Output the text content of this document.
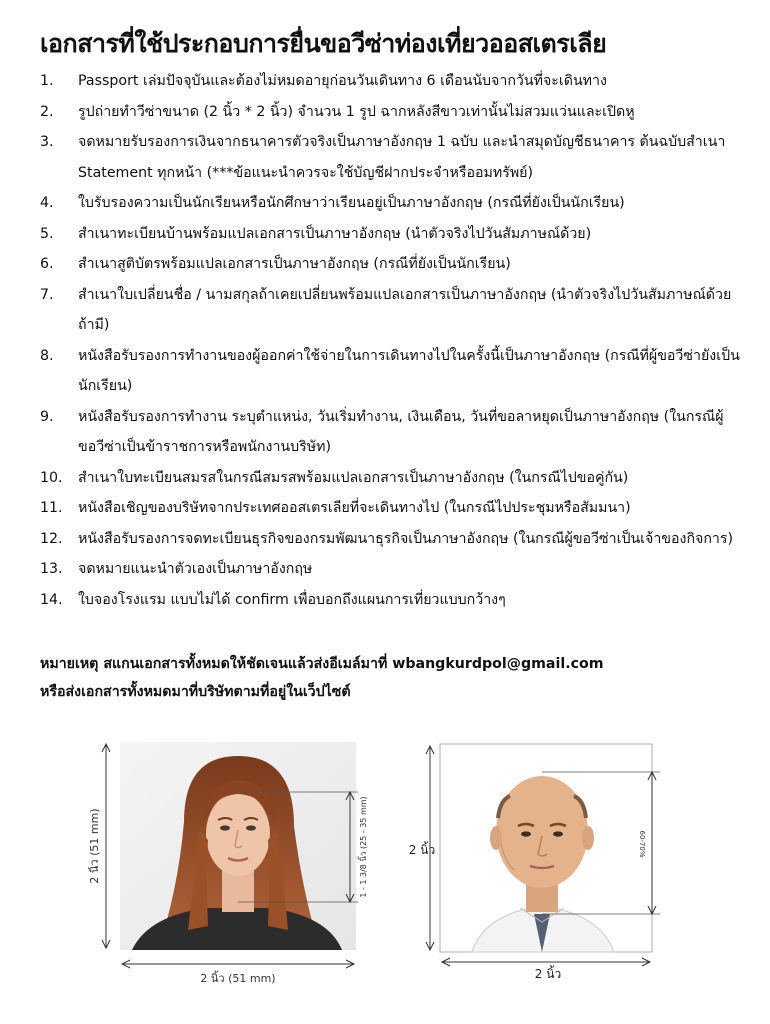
เอกสารที่ใช้ประกอบการยื่นขอวีซ่าท่องเที่ยวออสเตรเลีย
1.	Passport เล่มปัจจุบันและต้องไม่หมดอายุก่อนวันเดินทาง 6 เดือนนับจากวันที่จะเดินทาง
2.	รูปถ่ายทำวีซ่าขนาด (2 นิ้ว * 2 นิ้ว) จำนวน 1 รูป ฉากหลังสีขาวเท่านั้นไม่สวมแว่นและเปิดหู
3.	จดหมายรับรองการเงินจากธนาคารตัวจริงเป็นภาษาอังกฤษ 1 ฉบับ และนำสมุดบัญชีธนาคาร ต้นฉบับสำเนา Statement ทุกหน้า (***ข้อแนะนำควรจะใช้บัญชีฝากประจำหรืออมทรัพย์)
4.	ใบรับรองความเป็นนักเรียนหรือนักศึกษาว่าเรียนอยู่เป็นภาษาอังกฤษ (กรณีที่ยังเป็นนักเรียน)
5.	สำเนาทะเบียนบ้านพร้อมแปลเอกสารเป็นภาษาอังกฤษ (นำตัวจริงไปวันสัมภาษณ์ด้วย)
6.	สำเนาสูติบัตรพร้อมแปลเอกสารเป็นภาษาอังกฤษ (กรณีที่ยังเป็นนักเรียน)
7.	สำเนาใบเปลี่ยนชื่อ / นามสกุลถ้าเคยเปลี่ยนพร้อมแปลเอกสารเป็นภาษาอังกฤษ (นำตัวจริงไปวันสัมภาษณ์ด้วยถ้ามี)
8.	หนังสือรับรองการทำงานของผู้ออกค่าใช้จ่ายในการเดินทางไปในครั้งนี้เป็นภาษาอังกฤษ (กรณีที่ผู้ขอวีซ่ายังเป็นนักเรียน)
9.	หนังสือรับรองการทำงาน ระบุตำแหน่ง, วันเริ่มทำงาน, เงินเดือน, วันที่ขอลาหยุดเป็นภาษาอังกฤษ (ในกรณีผู้ขอวีซ่าเป็นข้าราชการหรือพนักงานบริษัท)
10.	สำเนาใบทะเบียนสมรสในกรณีสมรสพร้อมแปลเอกสารเป็นภาษาอังกฤษ (ในกรณีไปขอคู่กัน)
11.	หนังสือเชิญของบริษัทจากประเทศออสเตรเลียที่จะเดินทางไป (ในกรณีไปประชุมหรือสัมมนา)
12.	หนังสือรับรองการจดทะเบียนธุรกิจของกรมพัฒนาธุรกิจเป็นภาษาอังกฤษ (ในกรณีผู้ขอวีซ่าเป็นเจ้าของกิจการ)
13.	จดหมายแนะนำตัวเองเป็นภาษาอังกฤษ
14.	ใบจองโรงแรม แบบไม่ได้ confirm เพื่อบอกถึงแผนการเที่ยวแบบกว้างๆ
หมายเหตุ สแกนเอกสารทั้งหมดให้ชัดเจนแล้วส่งอีเมล์มาที่ wbangkurdpol@gmail.com
หรือส่งเอกสารทั้งหมดมาที่บริษัทตามที่อยู่ในเว็ปไซต์
2 นิ้ว (51 mm)
2 นิ้ว (51 mm)
1 - 1 3/8 นิ้ว (25 - 35 mm)	2 นิ้ว
2 นิ้ว
60-70%
